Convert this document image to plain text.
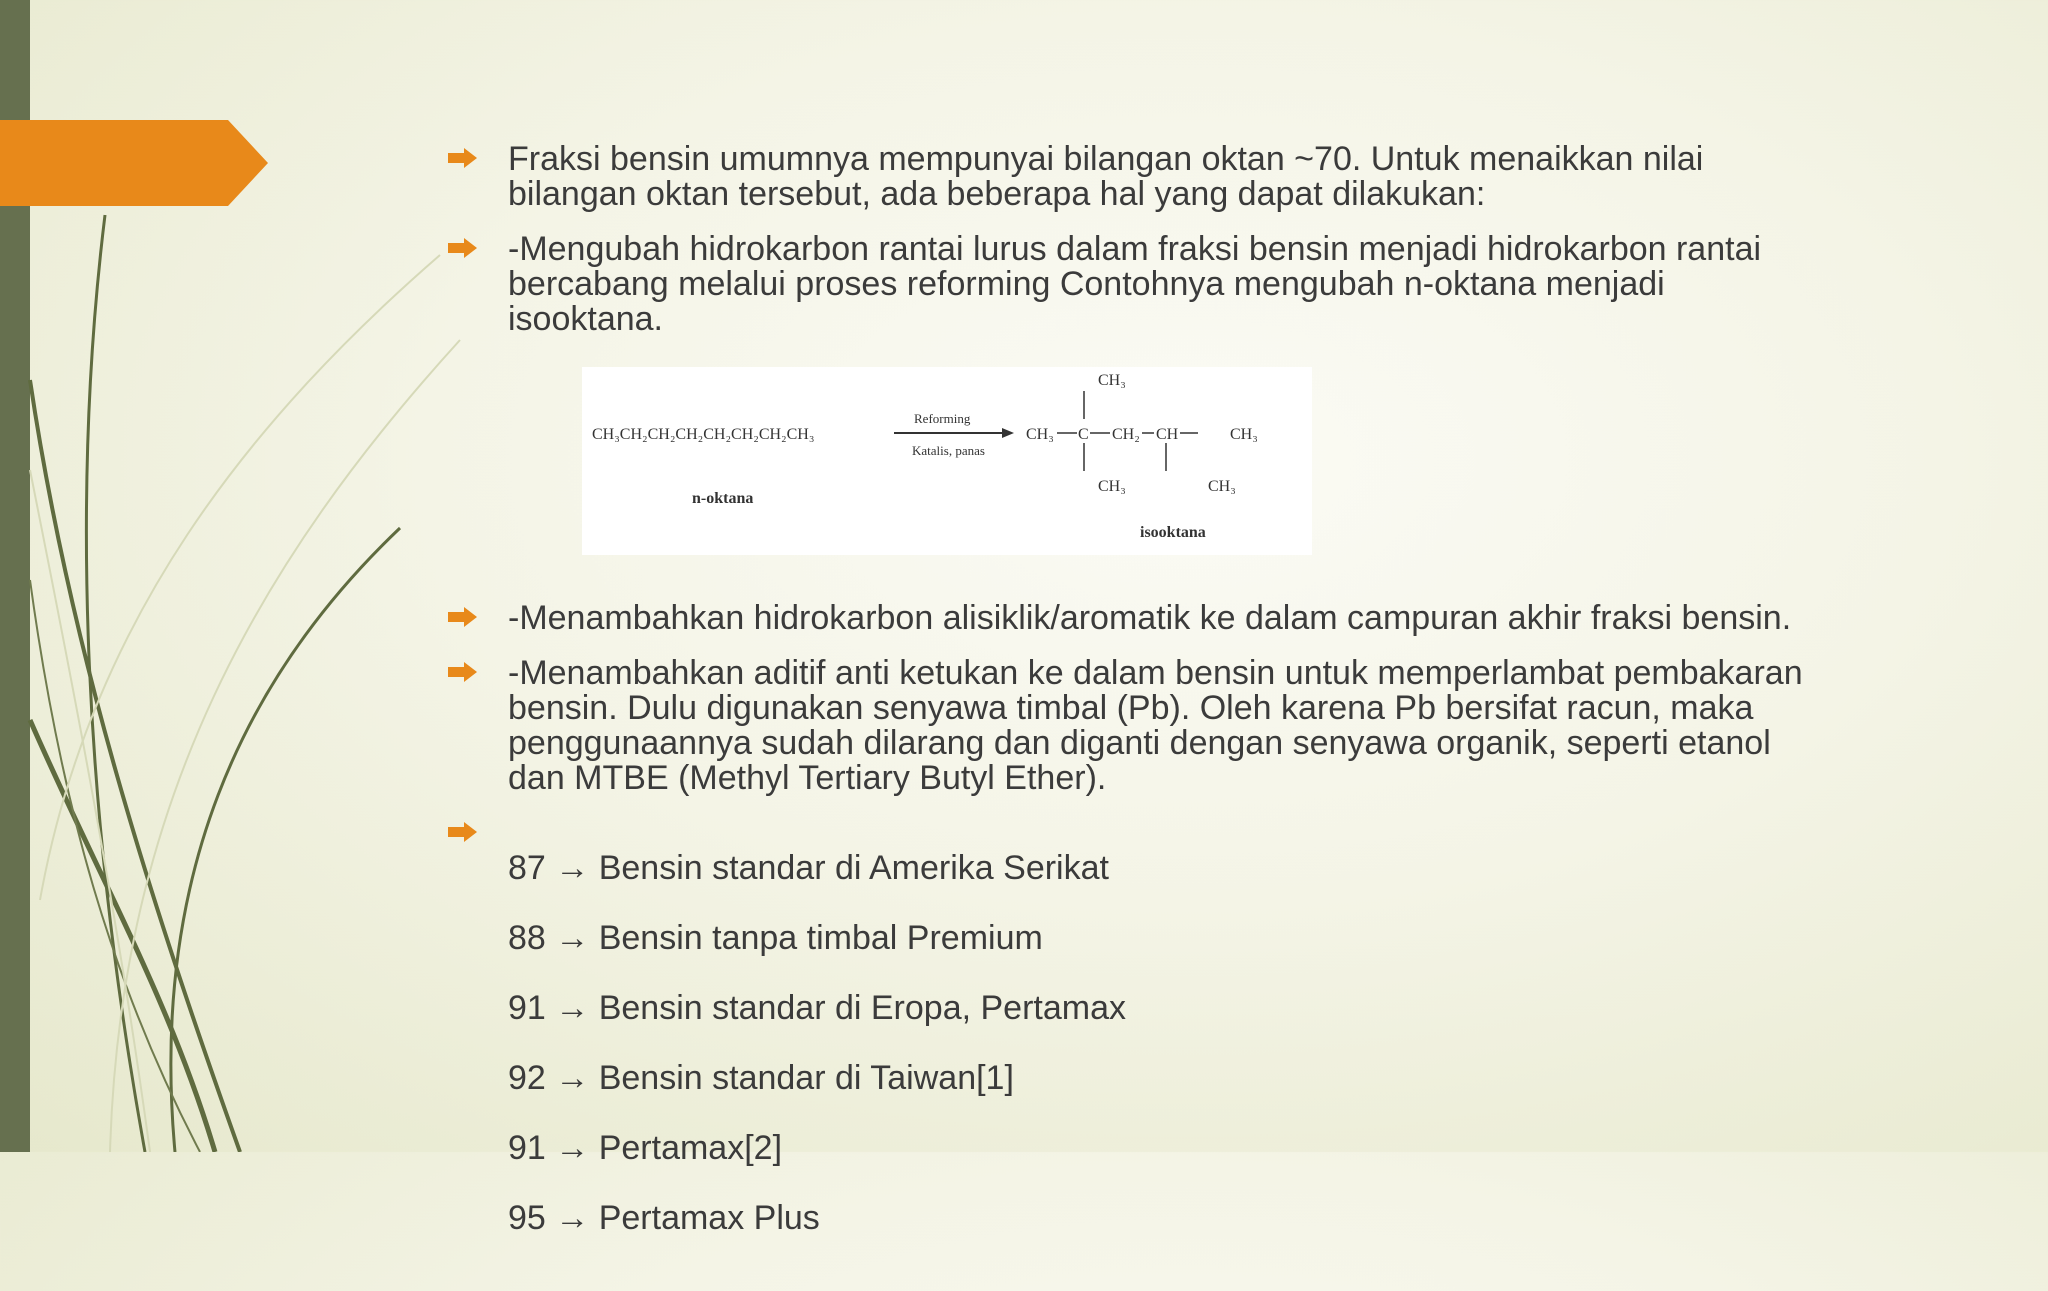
Fraksi bensin umumnya mempunyai bilangan oktan ~70. Untuk menaikkan nilai
bilangan oktan tersebut, ada beberapa hal yang dapat dilakukan:
-Mengubah hidrokarbon rantai lurus dalam fraksi bensin menjadi hidrokarbon rantai
bercabang melalui proses reforming Contohnya mengubah n-oktana menjadi
isooktana.
CH₃CH₂CH₂CH₂CH₂CH₂CH₂CH₃
n-oktana
Reforming
Katalis, panas
CH₃ C CH₂ CH	CH₃
CH₃
CH₃	CH₃
isooktana
-Menambahkan hidrokarbon alisiklik/aromatik ke dalam campuran akhir fraksi bensin.
-Menambahkan aditif anti ketukan ke dalam bensin untuk memperlambat pembakaran
bensin. Dulu digunakan senyawa timbal (Pb). Oleh karena Pb bersifat racun, maka
penggunaannya sudah dilarang dan diganti dengan senyawa organik, seperti etanol
dan MTBE (Methyl Tertiary Butyl Ether).

87 → Bensin standar di Amerika Serikat

88 → Bensin tanpa timbal Premium

91 → Bensin standar di Eropa, Pertamax

92 → Bensin standar di Taiwan[1]

91 → Pertamax[2]

95 → Pertamax Plus
